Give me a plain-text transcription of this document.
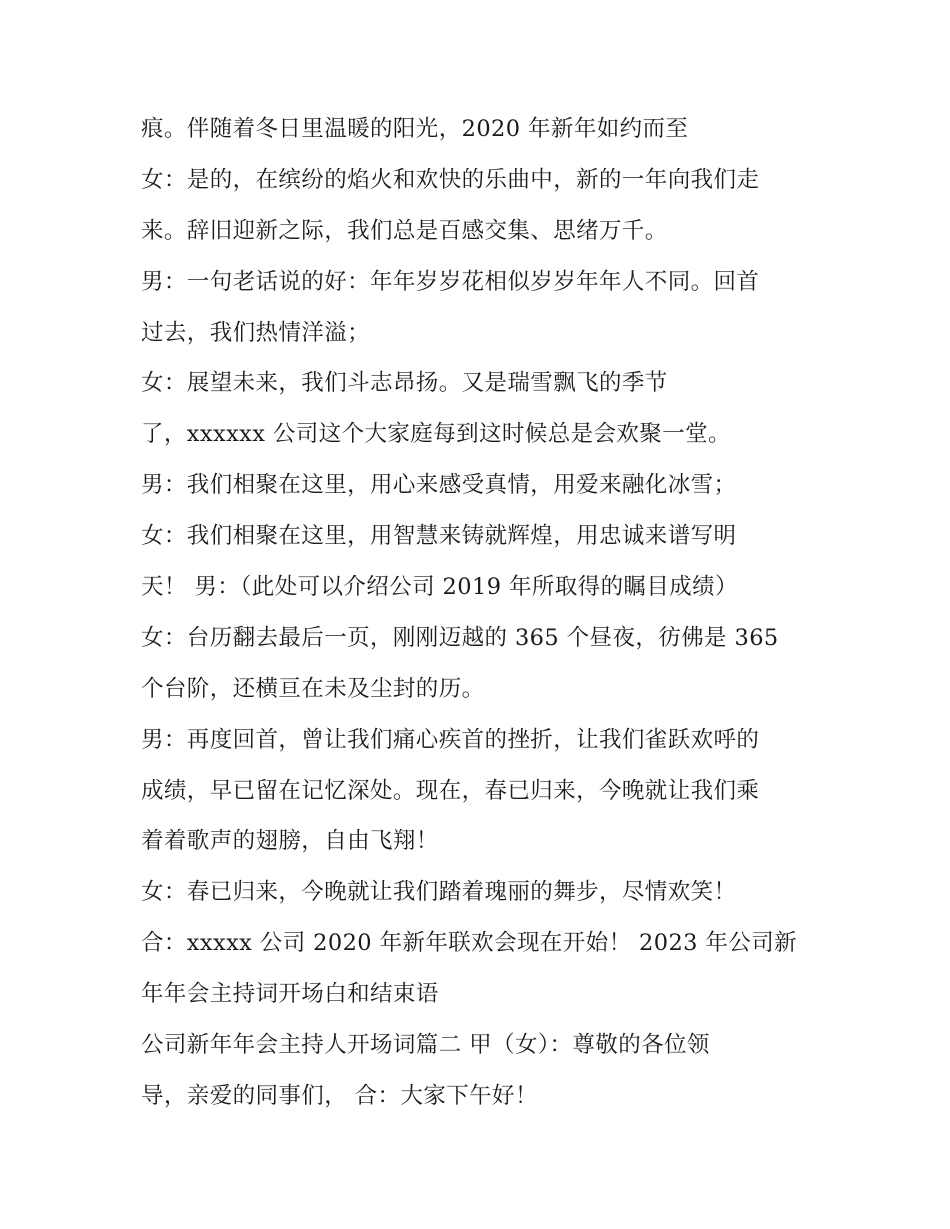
痕。伴随着冬日里温暖的阳光，2020 年新年如约而至
女：是的，在缤纷的焰火和欢快的乐曲中，新的一年向我们走
来。辞旧迎新之际，我们总是百感交集、思绪万千。
男：一句老话说的好：年年岁岁花相似岁岁年年人不同。回首
过去，我们热情洋溢；
女：展望未来，我们斗志昂扬。又是瑞雪飘飞的季节
了，xxxxxx 公司这个大家庭每到这时候总是会欢聚一堂。
男：我们相聚在这里，用心来感受真情，用爱来融化冰雪；
女：我们相聚在这里，用智慧来铸就辉煌，用忠诚来谱写明
天！ 男：（此处可以介绍公司 2019 年所取得的瞩目成绩）
女：台历翻去最后一页，刚刚迈越的 365 个昼夜，彷佛是 365
个台阶，还横亘在未及尘封的历。
男：再度回首，曾让我们痛心疾首的挫折，让我们雀跃欢呼的
成绩，早已留在记忆深处。现在，春已归来，今晚就让我们乘
着着歌声的翅膀，自由飞翔！
女：春已归来，今晚就让我们踏着瑰丽的舞步，尽情欢笑！
合：xxxxx 公司 2020 年新年联欢会现在开始！ 2023 年公司新
年年会主持词开场白和结束语
公司新年年会主持人开场词篇二 甲（女）：尊敬的各位领
导，亲爱的同事们， 合：大家下午好！
